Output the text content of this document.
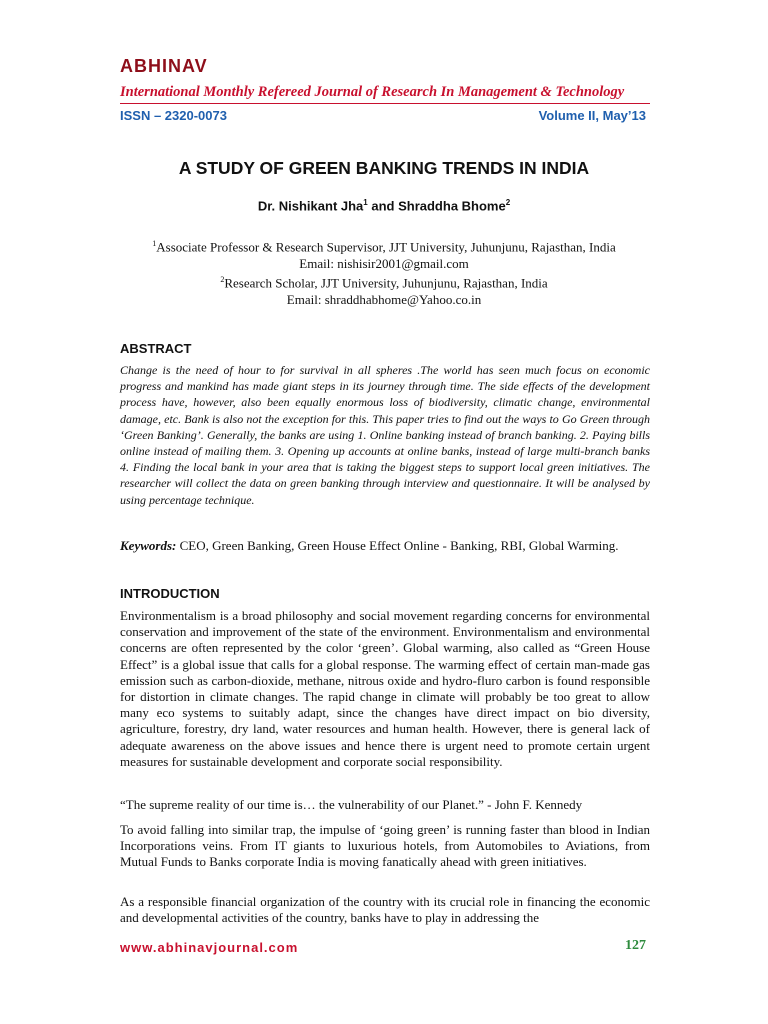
ABHINAV
International Monthly Refereed Journal of Research In Management & Technology
ISSN – 2320-0073	Volume II, May’13
A STUDY OF GREEN BANKING TRENDS IN INDIA
Dr. Nishikant Jha$^1$ and Shraddha Bhome$^2$
$^1$Associate Professor & Research Supervisor, JJT University, Juhunjunu, Rajasthan, India
Email: nishisir2001@gmail.com
$^2$Research Scholar, JJT University, Juhunjunu, Rajasthan, India
Email: shraddhabhome@Yahoo.co.in
ABSTRACT
Change is the need of hour to for survival in all spheres .The world has seen much focus on economic progress and mankind has made giant steps in its journey through time. The side effects of the development process have, however, also been equally enormous loss of biodiversity, climatic change, environmental damage, etc. Bank is also not the exception for this. This paper tries to find out the ways to Go Green through ‘Green Banking’. Generally, the banks are using 1. Online banking instead of branch banking. 2. Paying bills online instead of mailing them. 3. Opening up accounts at online banks, instead of large multi-branch banks 4. Finding the local bank in your area that is taking the biggest steps to support local green initiatives. The researcher will collect the data on green banking through interview and questionnaire. It will be analysed by using percentage technique.
Keywords: CEO, Green Banking, Green House Effect Online - Banking, RBI, Global Warming.
INTRODUCTION
Environmentalism is a broad philosophy and social movement regarding concerns for environmental conservation and improvement of the state of the environment. Environmentalism and environmental concerns are often represented by the color ‘green’. Global warming, also called as “Green House Effect” is a global issue that calls for a global response. The warming effect of certain man-made gas emission such as carbon-dioxide, methane, nitrous oxide and hydro-fluro carbon is found responsible for distortion in climate changes. The rapid change in climate will probably be too great to allow many eco systems to suitably adapt, since the changes have direct impact on bio diversity, agriculture, forestry, dry land, water resources and human health. However, there is general lack of adequate awareness on the above issues and hence there is urgent need to promote certain urgent measures for sustainable development and corporate social responsibility.
“The supreme reality of our time is… the vulnerability of our Planet.” - John F. Kennedy
To avoid falling into similar trap, the impulse of ‘going green’ is running faster than blood in Indian Incorporations veins. From IT giants to luxurious hotels, from Automobiles to Aviations, from Mutual Funds to Banks corporate India is moving fanatically ahead with green initiatives.
As a responsible financial organization of the country with its crucial role in financing the economic and developmental activities of the country, banks have to play in addressing the
www.abhinavjournal.com	127
